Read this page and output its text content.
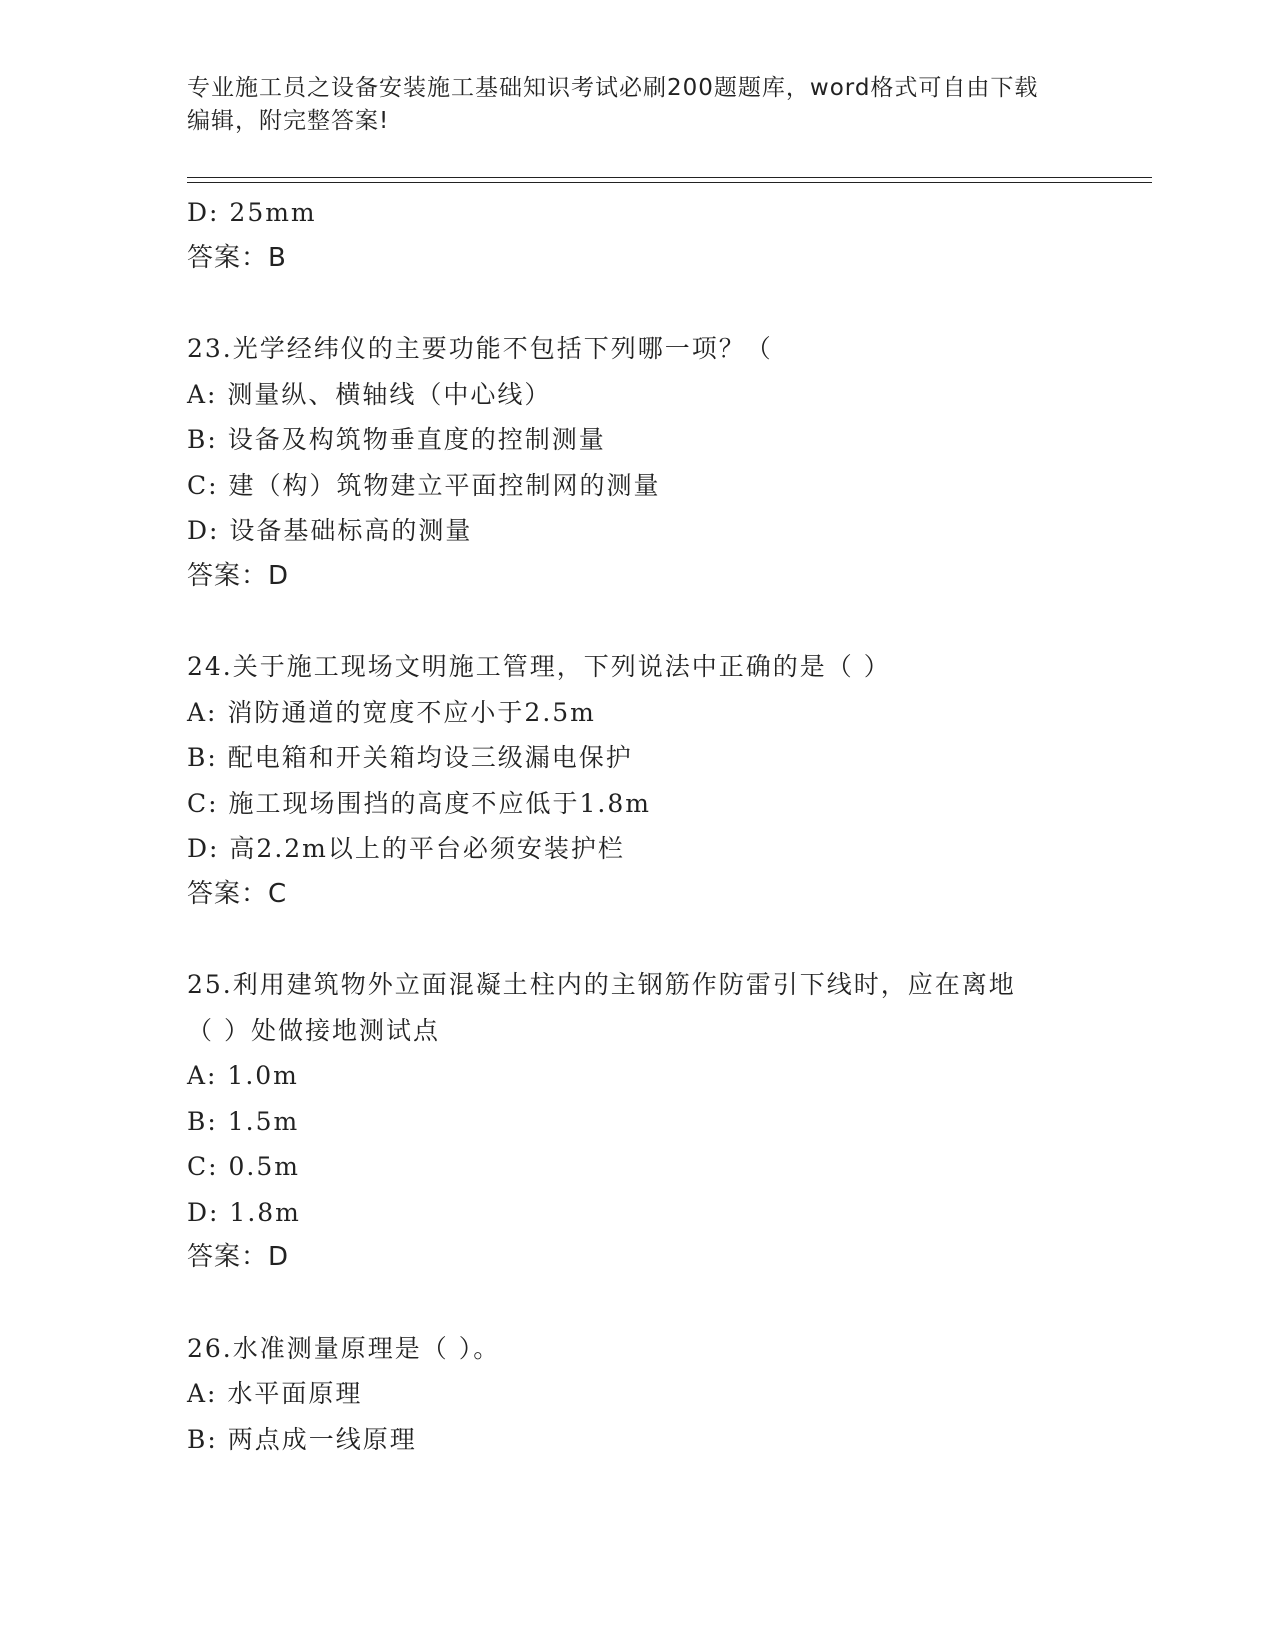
专业施工员之设备安装施工基础知识考试必刷200题题库，word格式可自由下载
编辑，附完整答案!
D: 25mm
答案：B
23.光学经纬仪的主要功能不包括下列哪一项？（
A: 测量纵、横轴线（中心线）
B: 设备及构筑物垂直度的控制测量
C: 建（构）筑物建立平面控制网的测量
D: 设备基础标高的测量
答案：D
24.关于施工现场文明施工管理，下列说法中正确的是（ ）
A: 消防通道的宽度不应小于2.5m
B: 配电箱和开关箱均设三级漏电保护
C: 施工现场围挡的高度不应低于1.8m
D: 高2.2m以上的平台必须安装护栏
答案：C
25.利用建筑物外立面混凝土柱内的主钢筋作防雷引下线时，应在离地
（ ）处做接地测试点
A: 1.0m
B: 1.5m
C: 0.5m
D: 1.8m
答案：D
26.水准测量原理是（ ）。
A: 水平面原理
B: 两点成一线原理
